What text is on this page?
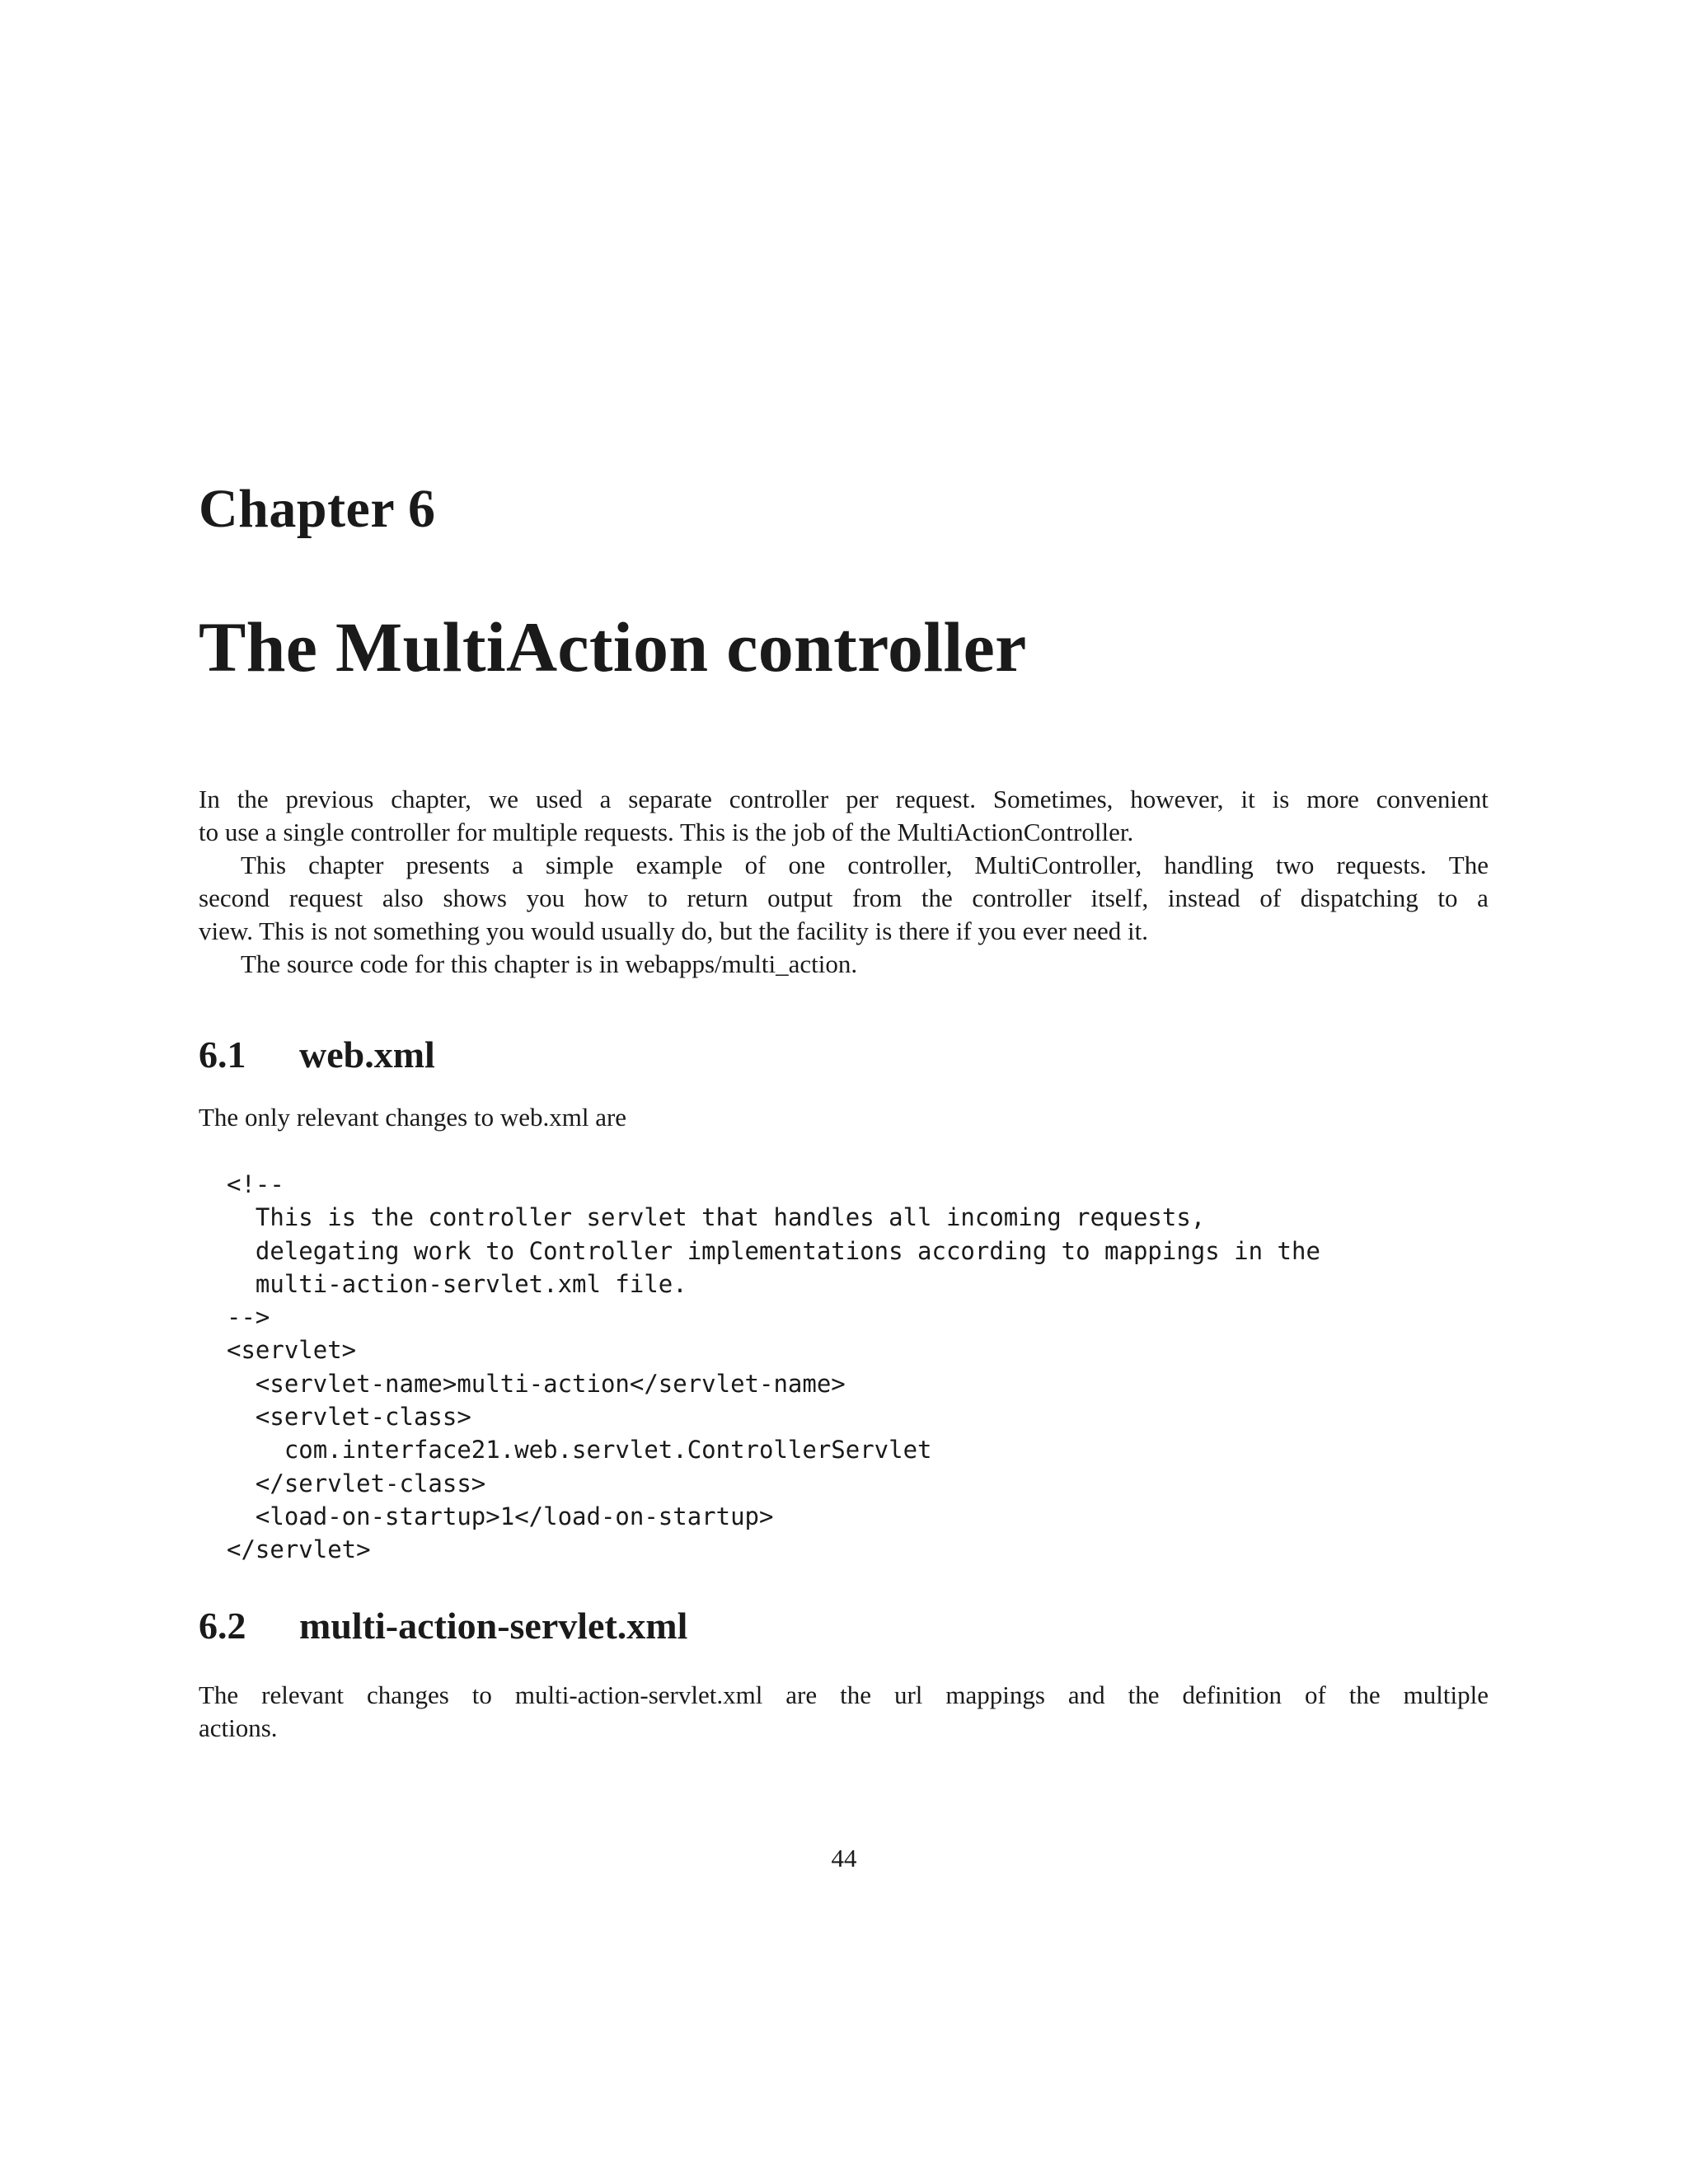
Chapter 6
The MultiAction controller
In the previous chapter, we used a separate controller per request. Sometimes, however, it is more convenient
to use a single controller for multiple requests. This is the job of the MultiActionController.
This chapter presents a simple example of one controller, MultiController, handling two requests. The
second request also shows you how to return output from the controller itself, instead of dispatching to a
view. This is not something you would usually do, but the facility is there if you ever need it.
The source code for this chapter is in webapps/multi_action.
6.1 web.xml
The only relevant changes to web.xml are
<!--
This is the controller servlet that handles all incoming requests,
delegating work to Controller implementations according to mappings in the
multi-action-servlet.xml file.
-->
<servlet>
<servlet-name>multi-action</servlet-name>
<servlet-class>
com.interface21.web.servlet.ControllerServlet
</servlet-class>
<load-on-startup>1</load-on-startup>
</servlet>
6.2 multi-action-servlet.xml
The relevant changes to multi-action-servlet.xml are the url mappings and the definition of the multiple
actions.
44
